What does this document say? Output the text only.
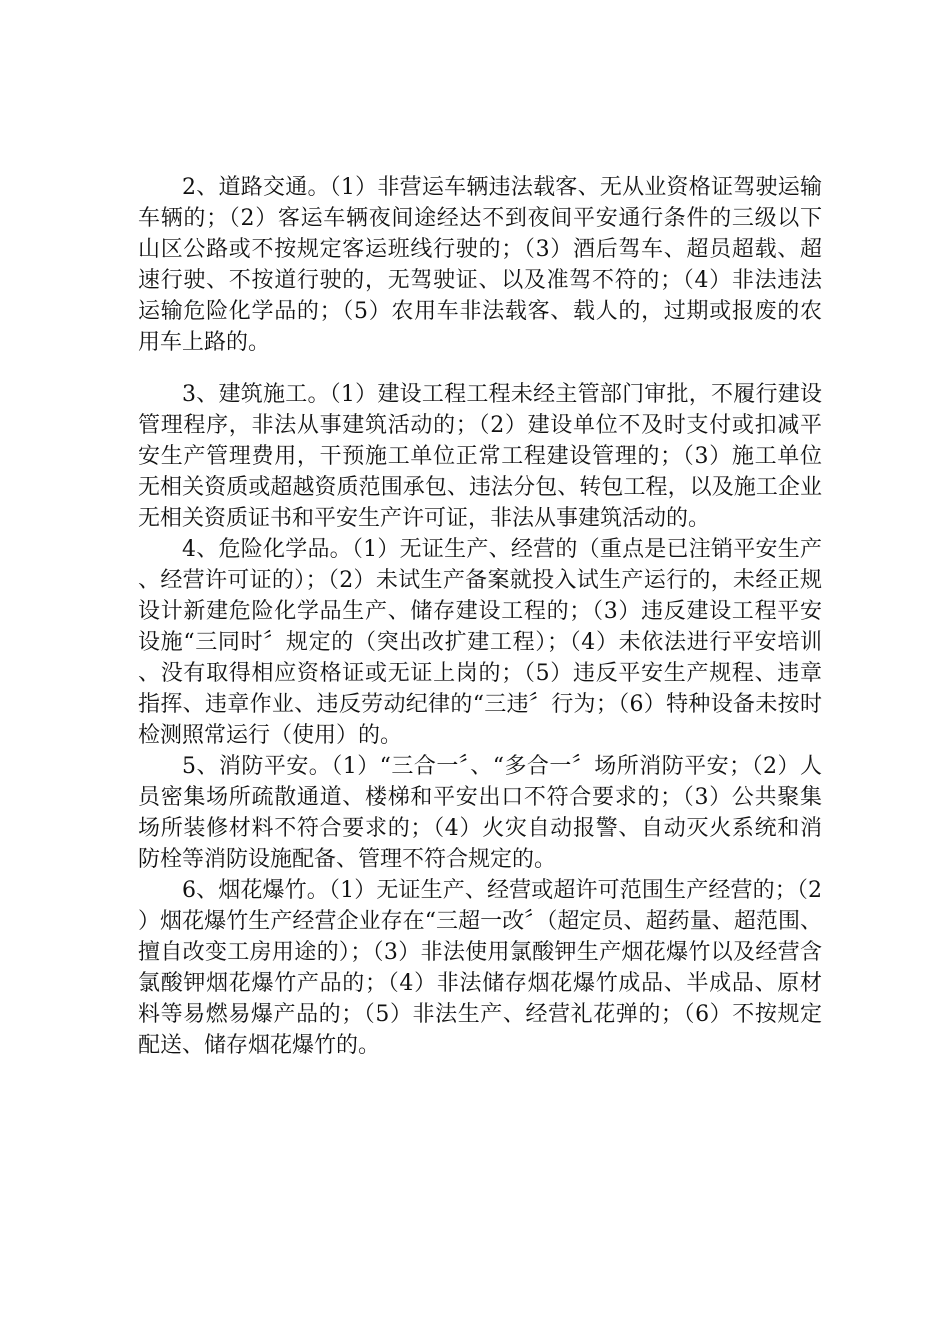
2、道路交通。（1）非营运车辆违法载客、无从业资格证驾驶运输车辆的；（2）客运车辆夜间途经达不到夜间平安通行条件的三级以下山区公路或不按规定客运班线行驶的；（3）酒后驾车、超员超载、超速行驶、不按道行驶的，无驾驶证、以及准驾不符的；（4）非法违法运输危险化学品的；（5）农用车非法载客、载人的，过期或报废的农用车上路的。

3、建筑施工。（1）建设工程工程未经主管部门审批，不履行建设管理程序，非法从事建筑活动的；（2）建设单位不及时支付或扣减平安生产管理费用，干预施工单位正常工程建设管理的；（3）施工单位无相关资质或超越资质范围承包、违法分包、转包工程，以及施工企业无相关资质证书和平安生产许可证，非法从事建筑活动的。

4、危险化学品。（1）无证生产、经营的（重点是已注销平安生产、经营许可证的）；（2）未试生产备案就投入试生产运行的，未经正规设计新建危险化学品生产、储存建设工程的；（3）违反建设工程平安设施“三同时〞规定的（突出改扩建工程）；（4）未依法进行平安培训、没有取得相应资格证或无证上岗的；（5）违反平安生产规程、违章指挥、违章作业、违反劳动纪律的“三违〞行为；（6）特种设备未按时检测照常运行（使用）的。

5、消防平安。（1）“三合一〞、“多合一〞场所消防平安；（2）人员密集场所疏散通道、楼梯和平安出口不符合要求的；（3）公共聚集场所装修材料不符合要求的；（4）火灾自动报警、自动灭火系统和消防栓等消防设施配备、管理不符合规定的。

6、烟花爆竹。（1）无证生产、经营或超许可范围生产经营的；（2）烟花爆竹生产经营企业存在“三超一改〞（超定员、超药量、超范围、擅自改变工房用途的）；（3）非法使用氯酸钾生产烟花爆竹以及经营含氯酸钾烟花爆竹产品的；（4）非法储存烟花爆竹成品、半成品、原材料等易燃易爆产品的；（5）非法生产、经营礼花弹的；（6）不按规定配送、储存烟花爆竹的。
